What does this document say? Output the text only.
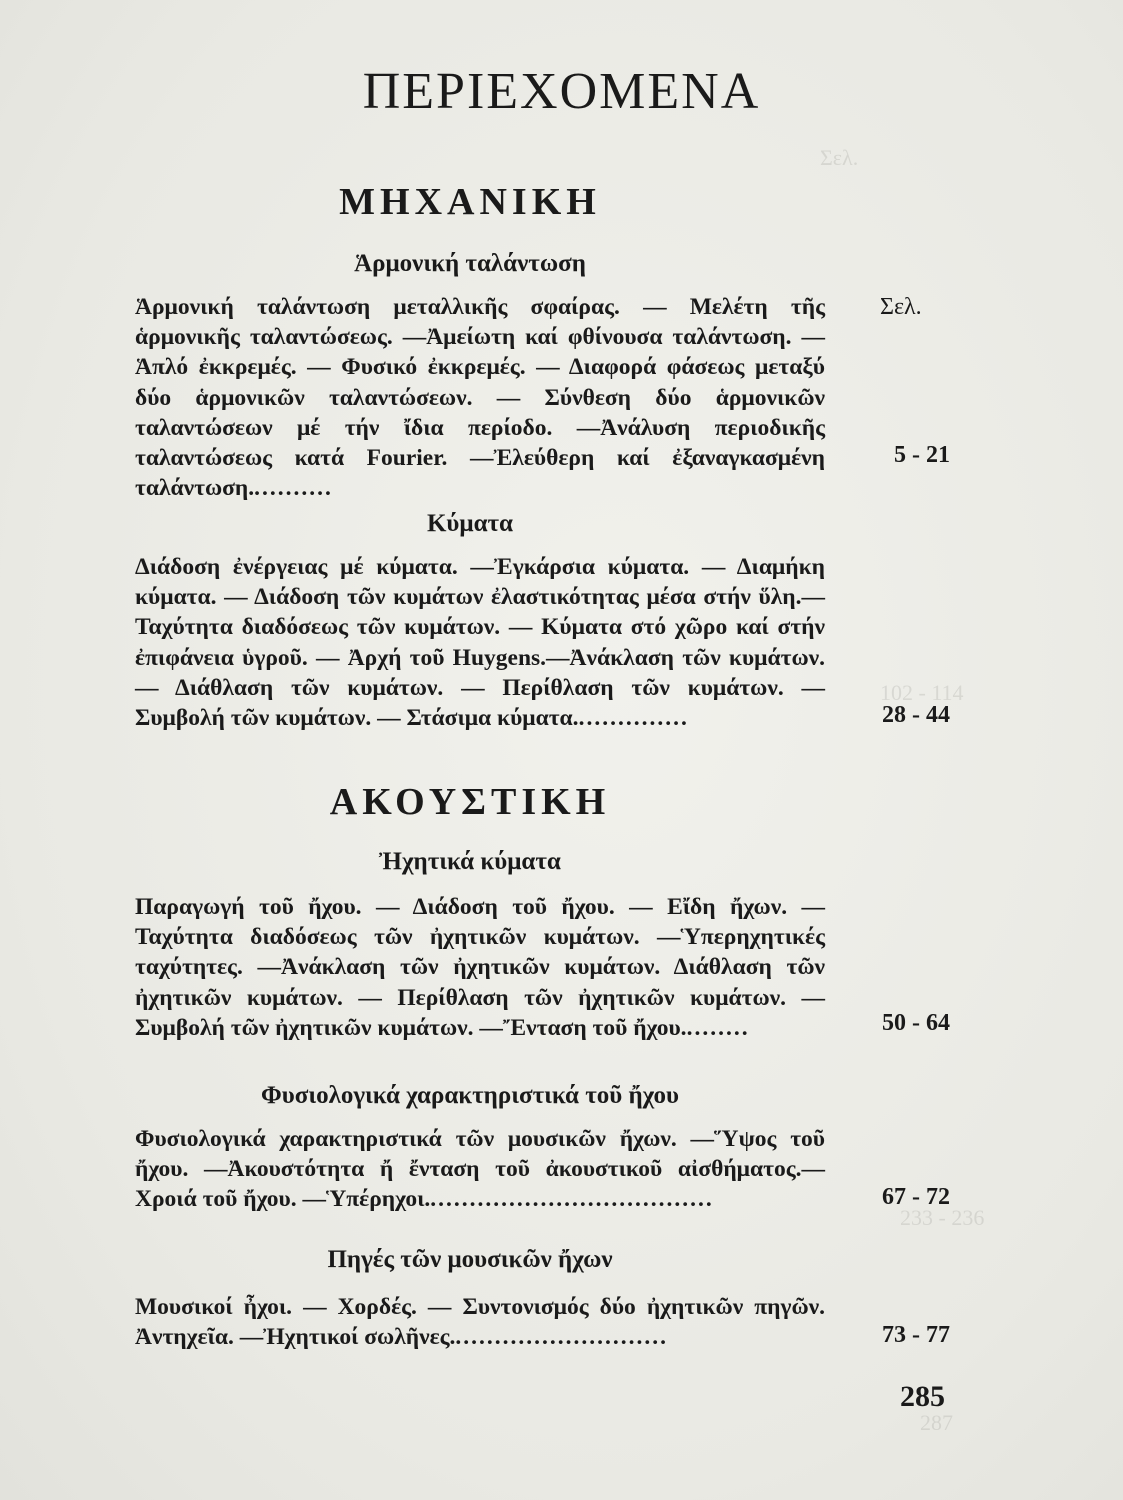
Σελ.
102 - 114
233 - 236
287
ΠΕΡΙΕΧΟΜΕΝΑ
ΜΗΧΑΝΙΚΗ
Ἁρμονική ταλάντωση
Σελ.
Ἁρμονική ταλάντωση μεταλλικῆς σφαίρας. — Μελέτη τῆς ἁρμονικῆς ταλαντώσεως. —Ἀμείωτη καί φθίνουσα ταλάντωση. —Ἁπλό ἐκκρεμές. — Φυσικό ἐκκρεμές. — Διαφορά φάσεως μεταξύ δύο ἁρμονικῶν ταλαντώσεων. — Σύνθεση δύο ἁρμονικῶν ταλαντώσεων μέ τήν ἴδια περίοδο. —Ἀνάλυση περιοδικῆς ταλαντώσεως κατά Fourier. —Ἐλεύθερη καί ἐξαναγκασμένη ταλάντωση...........
5 - 21
Κύματα
Διάδοση ἐνέργειας μέ κύματα. —Ἐγκάρσια κύματα. — Διαμήκη κύματα. — Διάδοση τῶν κυμάτων ἐλαστικότητας μέσα στήν ὕλη.— Ταχύτητα διαδόσεως τῶν κυμάτων. — Κύματα στό χῶρο καί στήν ἐπιφάνεια ὑγροῦ. — Ἀρχή τοῦ Huygens.—Ἀνάκλαση τῶν κυμάτων. — Διάθλαση τῶν κυμάτων. — Περίθλαση τῶν κυμάτων. — Συμβολή τῶν κυμάτων. — Στάσιμα κύματα...............	28 - 44
ΑΚΟΥΣΤΙΚΗ
Ἠχητικά κύματα
Παραγωγή τοῦ ἤχου. — Διάδοση τοῦ ἤχου. — Εἴδη ἤχων. — Ταχύτητα διαδόσεως τῶν ἠχητικῶν κυμάτων. —Ὑπερηχητικές ταχύτητες. —Ἀνάκλαση τῶν ἠχητικῶν κυμάτων. Διάθλαση τῶν ἠχητικῶν κυμάτων. — Περίθλαση τῶν ἠχητικῶν κυμάτων. — Συμβολή τῶν ἠχητικῶν κυμάτων. —Ἔνταση τοῦ ἤχου.........	50 - 64
Φυσιολογικά χαρακτηριστικά τοῦ ἤχου
Φυσιολογικά χαρακτηριστικά τῶν μουσικῶν ἤχων. —Ὕψος τοῦ ἤχου. —Ἀκουστότητα ἤ ἔνταση τοῦ ἀκουστικοῦ αἰσθήματος.— Χροιά τοῦ ἤχου. —Ὑπέρηχοι.....................................	67 - 72
Πηγές τῶν μουσικῶν ἤχων
Μουσικοί ἦχοι. — Χορδές. — Συντονισμός δύο ἠχητικῶν πηγῶν. Ἀντηχεῖα. —Ἠχητικοί σωλῆνες............................	73 - 77
285
